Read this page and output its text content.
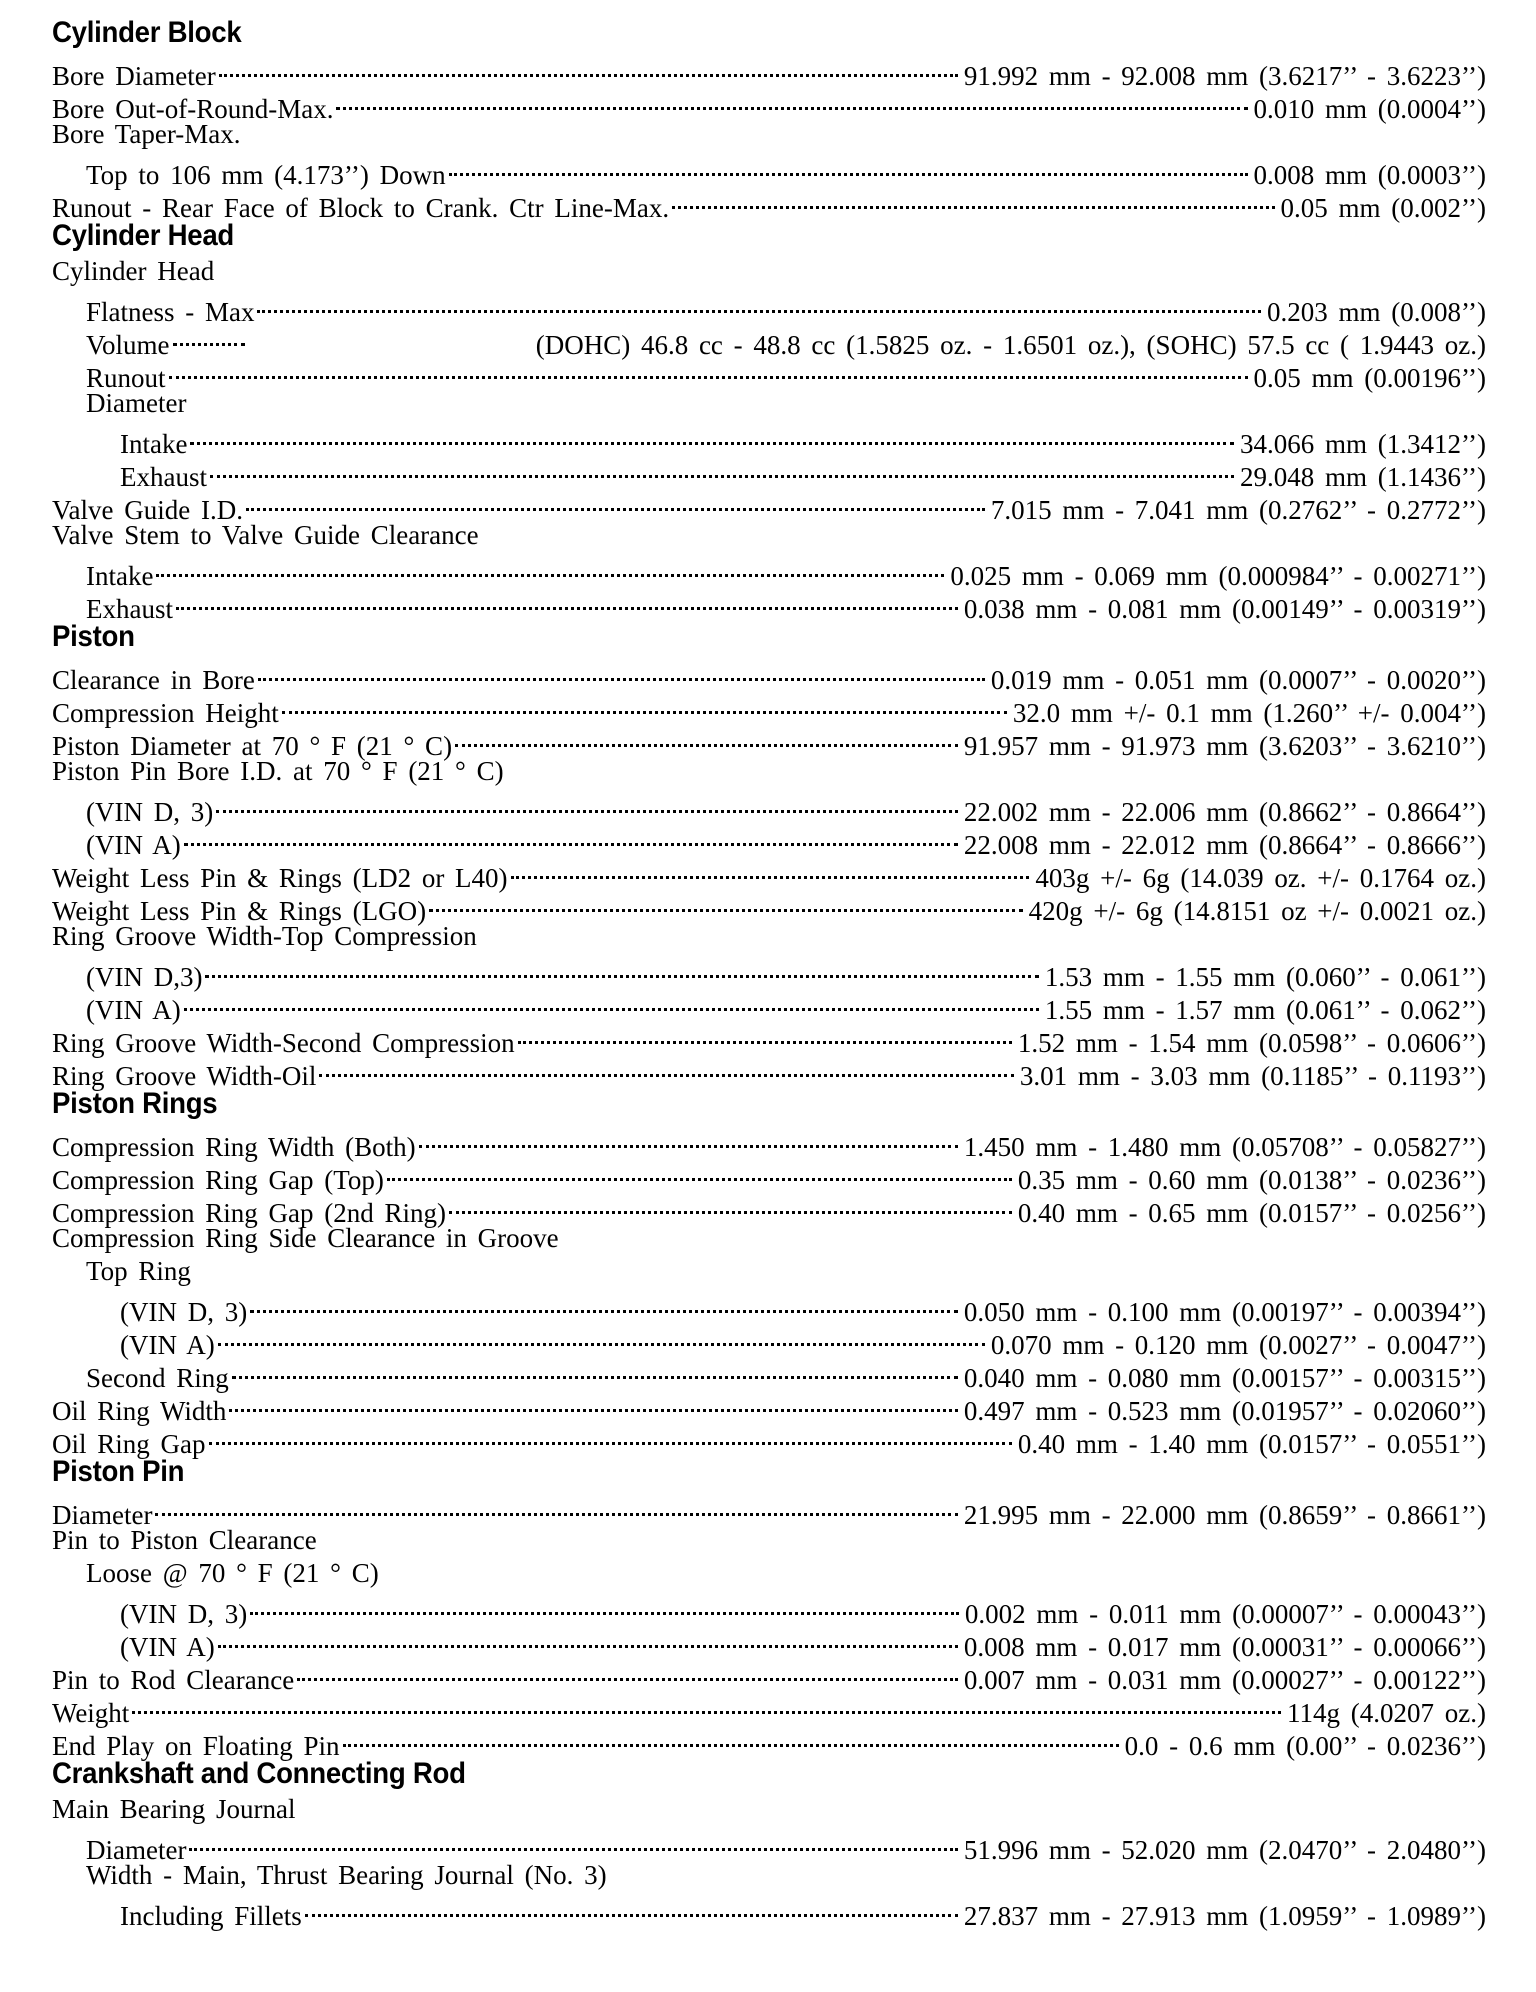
Cylinder Block
Bore Diameter	91.992 mm - 92.008 mm (3.6217’’ - 3.6223’’)
Bore Out-of-Round-Max.	0.010 mm (0.0004’’)
Bore Taper-Max.
Top to 106 mm (4.173’’) Down	0.008 mm (0.0003’’)
Runout - Rear Face of Block to Crank. Ctr Line-Max.	0.05 mm (0.002’’)
Cylinder Head
Cylinder Head
Flatness - Max	0.203 mm (0.008’’)
Volume	(DOHC) 46.8 cc - 48.8 cc (1.5825 oz. - 1.6501 oz.), (SOHC) 57.5 cc ( 1.9443 oz.)
Runout	0.05 mm (0.00196’’)
Diameter
Intake	34.066 mm (1.3412’’)
Exhaust	29.048 mm (1.1436’’)
Valve Guide I.D.	7.015 mm - 7.041 mm (0.2762’’ - 0.2772’’)
Valve Stem to Valve Guide Clearance
Intake	0.025 mm - 0.069 mm (0.000984’’ - 0.00271’’)
Exhaust	0.038 mm - 0.081 mm (0.00149’’ - 0.00319’’)
Piston
Clearance in Bore	0.019 mm - 0.051 mm (0.0007’’ - 0.0020’’)
Compression Height	32.0 mm +/- 0.1 mm (1.260’’ +/- 0.004’’)
Piston Diameter at 70 ° F (21 ° C)	91.957 mm - 91.973 mm (3.6203’’ - 3.6210’’)
Piston Pin Bore I.D. at 70 ° F (21 ° C)
(VIN D, 3)	22.002 mm - 22.006 mm (0.8662’’ - 0.8664’’)
(VIN A)	22.008 mm - 22.012 mm (0.8664’’ - 0.8666’’)
Weight Less Pin & Rings (LD2 or L40)	403g +/- 6g (14.039 oz. +/- 0.1764 oz.)
Weight Less Pin & Rings (LGO)	420g +/- 6g (14.8151 oz +/- 0.0021 oz.)
Ring Groove Width-Top Compression
(VIN D,3)	1.53 mm - 1.55 mm (0.060’’ - 0.061’’)
(VIN A)	1.55 mm - 1.57 mm (0.061’’ - 0.062’’)
Ring Groove Width-Second Compression	1.52 mm - 1.54 mm (0.0598’’ - 0.0606’’)
Ring Groove Width-Oil	3.01 mm - 3.03 mm (0.1185’’ - 0.1193’’)
Piston Rings
Compression Ring Width (Both)	1.450 mm - 1.480 mm (0.05708’’ - 0.05827’’)
Compression Ring Gap (Top)	0.35 mm - 0.60 mm (0.0138’’ - 0.0236’’)
Compression Ring Gap (2nd Ring)	0.40 mm - 0.65 mm (0.0157’’ - 0.0256’’)
Compression Ring Side Clearance in Groove
Top Ring
(VIN D, 3)	0.050 mm - 0.100 mm (0.00197’’ - 0.00394’’)
(VIN A)	0.070 mm - 0.120 mm (0.0027’’ - 0.0047’’)
Second Ring	0.040 mm - 0.080 mm (0.00157’’ - 0.00315’’)
Oil Ring Width	0.497 mm - 0.523 mm (0.01957’’ - 0.02060’’)
Oil Ring Gap	0.40 mm - 1.40 mm (0.0157’’ - 0.0551’’)
Piston Pin
Diameter	21.995 mm - 22.000 mm (0.8659’’ - 0.8661’’)
Pin to Piston Clearance
Loose @ 70 ° F (21 ° C)
(VIN D, 3)	0.002 mm - 0.011 mm (0.00007’’ - 0.00043’’)
(VIN A)	0.008 mm - 0.017 mm (0.00031’’ - 0.00066’’)
Pin to Rod Clearance	0.007 mm - 0.031 mm (0.00027’’ - 0.00122’’)
Weight	114g (4.0207 oz.)
End Play on Floating Pin	0.0 - 0.6 mm (0.00’’ - 0.0236’’)
Crankshaft and Connecting Rod
Main Bearing Journal
Diameter	51.996 mm - 52.020 mm (2.0470’’ - 2.0480’’)
Width - Main, Thrust Bearing Journal (No. 3)
Including Fillets	27.837 mm - 27.913 mm (1.0959’’ - 1.0989’’)
